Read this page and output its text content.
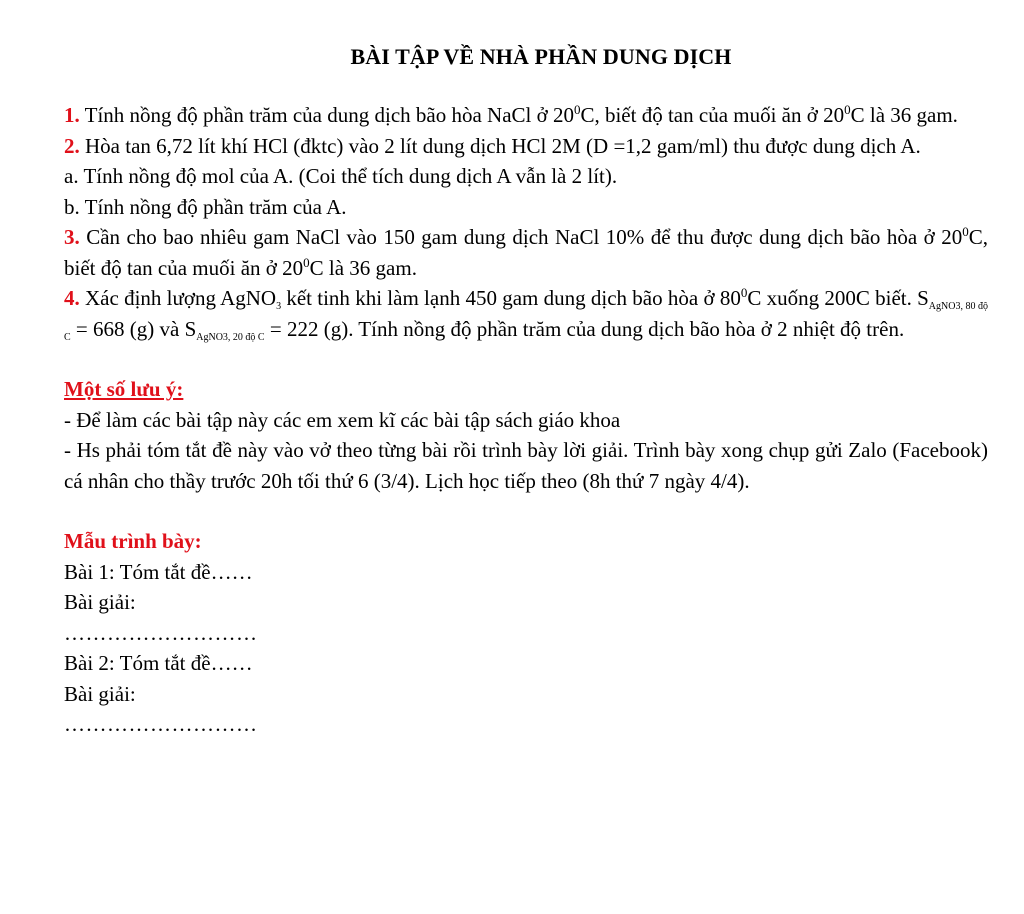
BÀI TẬP VỀ NHÀ PHẦN DUNG DỊCH

1. Tính nồng độ phần trăm của dung dịch bão hòa NaCl ở $20^0C$, biết độ tan của muối ăn ở $20^0C$ là 36 gam.

2. Hòa tan 6,72 lít khí HCl (đktc) vào 2 lít dung dịch HCl 2M (D =1,2 gam/ml) thu được dung dịch A.

a. Tính nồng độ mol của A. (Coi thể tích dung dịch A vẫn là 2 lít).

b. Tính nồng độ phần trăm của A.

3. Cần cho bao nhiêu gam NaCl vào 150 gam dung dịch NaCl 10% để thu được dung dịch bão hòa ở $20^0C$, biết độ tan của muối ăn ở $20^0C$ là 36 gam.

4. Xác định lượng AgNO$_3$ kết tinh khi làm lạnh 450 gam dung dịch bão hòa ở $80^0C$ xuống 200C biết. $S_{AgNO3, 80 độ C} = 668$ (g) và $S_{AgNO3, 20 độ C} = 222$ (g). Tính nồng độ phần trăm của dung dịch bão hòa ở 2 nhiệt độ trên.

Một số lưu ý:

- Để làm các bài tập này các em xem kĩ các bài tập sách giáo khoa

- Hs phải tóm tắt đề này vào vở theo từng bài rồi trình bày lời giải. Trình bày xong chụp gửi Zalo (Facebook) cá nhân cho thầy trước 20h tối thứ 6 (3/4). Lịch học tiếp theo (8h thứ 7 ngày 4/4).

Mẫu trình bày:

Bài 1: Tóm tắt đề……

Bài giải:

………………………

Bài 2: Tóm tắt đề……

Bài giải:

………………………
